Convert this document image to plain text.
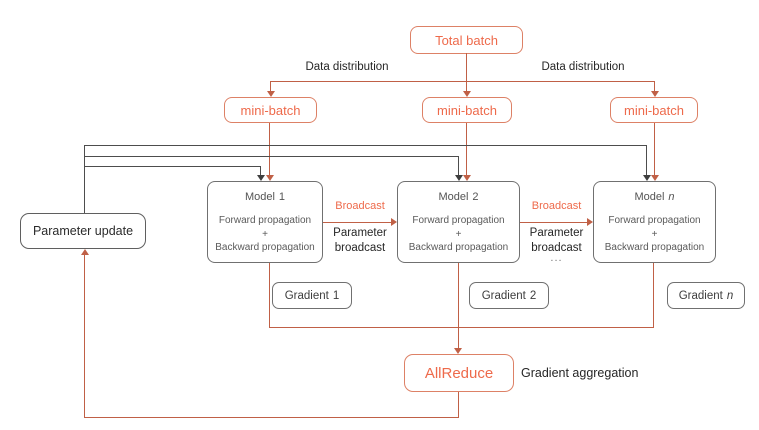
Total batch
Data distribution	Data distribution
mini-batch	mini-batch	mini-batch
Parameter update
Model 1
Forward propagation
+
Backward propagation
Model 2
Forward propagation
+
Backward propagation
Model n
Forward propagation
+
Backward propagation
Broadcast
Parameter broadcast
Broadcast
Parameter broadcast
...
Gradient 1	Gradient 2	Gradient n
AllReduce Gradient aggregation
